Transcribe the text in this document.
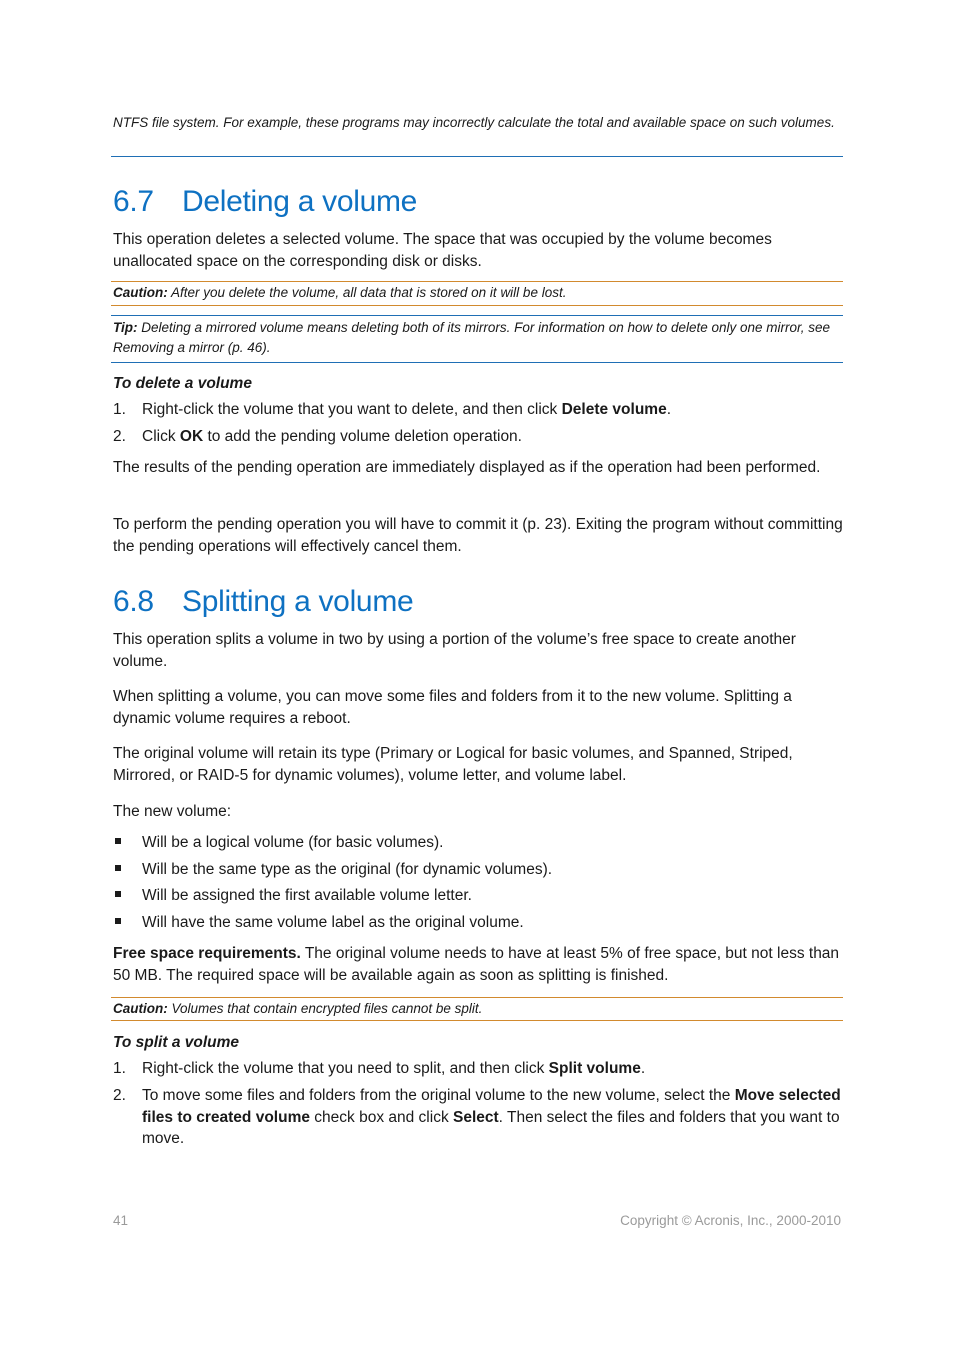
NTFS file system. For example, these programs may incorrectly calculate the total and available space on such volumes.
6.7 Deleting a volume

This operation deletes a selected volume. The space that was occupied by the volume becomes unallocated space on the corresponding disk or disks.

Caution: After you delete the volume, all data that is stored on it will be lost.
Tip: Deleting a mirrored volume means deleting both of its mirrors. For information on how to delete only one mirror, see Removing a mirror (p. 46).
To delete a volume
1. Right-click the volume that you want to delete, and then click Delete volume.
2. Click OK to add the pending volume deletion operation.

The results of the pending operation are immediately displayed as if the operation had been performed.

To perform the pending operation you will have to commit it (p. 23). Exiting the program without committing the pending operations will effectively cancel them.

6.8 Splitting a volume

This operation splits a volume in two by using a portion of the volume’s free space to create another volume.

When splitting a volume, you can move some files and folders from it to the new volume. Splitting a dynamic volume requires a reboot.

The original volume will retain its type (Primary or Logical for basic volumes, and Spanned, Striped, Mirrored, or RAID-5 for dynamic volumes), volume letter, and volume label.

The new volume:

Will be a logical volume (for basic volumes).
Will be the same type as the original (for dynamic volumes).
Will be assigned the first available volume letter.
Will have the same volume label as the original volume.

Free space requirements. The original volume needs to have at least 5% of free space, but not less than 50 MB. The required space will be available again as soon as splitting is finished.

Caution: Volumes that contain encrypted files cannot be split.
To split a volume
1. Right-click the volume that you need to split, and then click Split volume.
2. To move some files and folders from the original volume to the new volume, select the Move selected files to created volume check box and click Select. Then select the files and folders that you want to move.
41	Copyright © Acronis, Inc., 2000-2010
